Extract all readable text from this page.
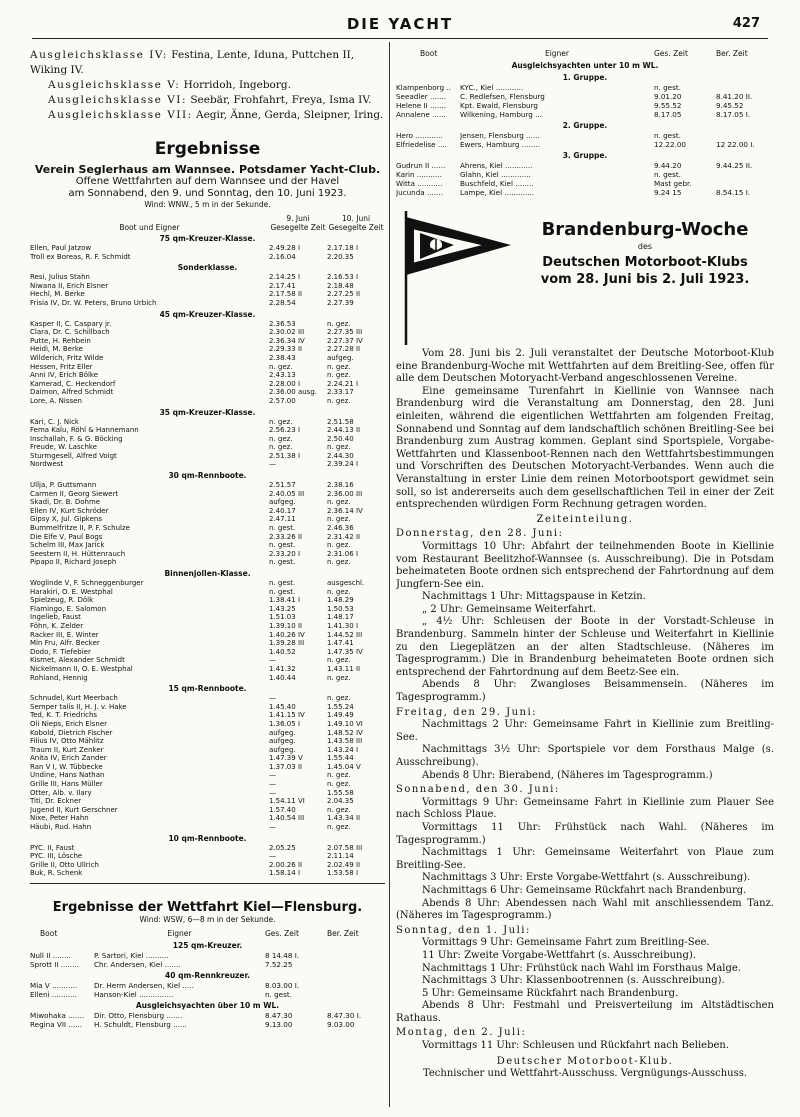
DIE YACHT	427
Ausgleichsklasse IV: Festina, Lente, Iduna, Puttchen II, Wiking IV.
Ausgleichsklasse V: Horridoh, Ingeborg.
Ausgleichsklasse VI: Seebär, Frohfahrt, Freya, Isma IV.
Ausgleichsklasse VII: Aegir, Änne, Gerda, Sleipner, Iring.
Ergebnisse
Verein Seglerhaus am Wannsee. Potsdamer Yacht-Club.
Offene Wettfahrten auf dem Wannsee und der Havel
am Sonnabend, den 9. und Sonntag, den 10. Juni 1923.
Wind: WNW., 5 m in der Sekunde.
Boot und Eigner
9. Juni
Gesegelte Zeit
10. Juni
Gesegelte Zeit
75 qm-Kreuzer-Klasse.
Ellen, Paul Jatzow	2.49.28 I	2.17.18 I
Troll ex Boreas, R. F. Schmidt	2.16.04	2.20.35
Sonderklasse.
Resi, Julius Stahn	2.14.25 I	2.16.53 I
Niwana II, Erich Elsner	2.17.41	2.18.48
Hechl, M. Berke	2.17.58 II	2.27.25 II
Frisia IV, Dr. W. Peters, Bruno Urbich	2.28.54	2.27.39
45 qm-Kreuzer-Klasse.
Kasper II, C. Caspary jr.	2.36.53	n. gez.
Clara, Dr. C. Schillbach	2.30.02 III	2.27.35 III
Putte, H. Rehbein	2.36.34 IV	2.27.37 IV
Heidi, M. Berke	2.29.33 II	2.27.28 II
Wilderich, Fritz Wilde	2.38.43	aufgeg.
Hessen, Fritz Eller	n. gez.	n. gez.
Anni IV, Erich Bölke	2.43.13	n. gez.
Kamerad, C. Heckendorf	2.28.00 I	2.24.21 I
Daimon, Alfred Schmidt	2.36.00 ausg.	2.33.17
Lore, A. Nissen	2.57.00	n. gez.
35 qm-Kreuzer-Klasse.
Kari, C. J. Nick	n. gez.	2.51.58
Fema Kalu, Röhl & Hannemann	2.56.23 I	2.44.13 II
Inschallah, F. & G. Böcking	n. gez.	2.50.40
Freude, W. Laschke	n. gez.	n. gez.
Sturmgesell, Alfred Voigt	2.51.38 I	2.44.30
Nordwest	—	2.39.24 I
30 qm-Rennboote.
Ullja, P. Guttsmann	2.51.57	2.38.16
Carmen II, Georg Siewert	2.40.05 III	2.36.00 III
Skadi, Dr. B. Dohme	aufgeg.	n. gez.
Ellen IV, Kurt Schröder	2.40.17	2.36.14 IV
Gipsy X, Jul. Gipkens	2.47.11	n. gez.
Bummelfritze II, P. F. Schulze	n. gest.	2.46.36
Die Elfe V, Paul Bogs	2.33.26 II	2.31.42 II
Schelm III, Max Jarick	n. gest.	n. gez.
Seestern II, H. Hüttenrauch	2.33.20 I	2.31.06 I
Pipapo II, Richard Joseph	n. gest.	n. gez.
Binnenjollen-Klasse.
Woglinde V, F. Schneggenburger	n. gest.	ausgeschl.
Harakiri, O. E. Westphal	n. gest.	n. gez.
Spielzeug, R. Dölk	1.38.41 I	1.48.29
Flamingo, E. Salomon	1.43.25	1.50.53
Ingelieb, Faust	1.51.03	1.48.17
Föhn, K. Zelder	1.39.10 II	1.41.30 I
Racker III, E. Winter	1.40.26 IV	1.44.52 III
Min Fru, Alfr. Becker	1.39.28 III	1.47.41
Dodo, F. Tiefebier	1.40.52	1.47.35 IV
Kismet, Alexander Schmidt	—	n. gez.
Nickelmann II, O. E. Westphal	1.41.32	1.43.11 II
Rohland, Hennig	1.40.44	n. gez.
15 qm-Rennboote.
Schnudel, Kurt Meerbach	—	n. gez.
Semper talis II, H. J. v. Hake	1.45.40	1.55.24
Ted, K. T. Friedrichs	1.41.15 IV	1.49.49
Oli Nieps, Erich Elsner	1.36.05 I	1.49.10 VI
Kobold, Dietrich Fischer	aufgeg.	1.48.52 IV
Filius IV, Otto Mählitz	aufgeg.	1.43.58 III
Traum II, Kurt Zenker	aufgeg.	1.43.24 I
Anita IV, Erich Zander	1.47.39 V	1.55.44
Ran V I, W. Tübbecke	1.37.03 II	1.45.04 V
Undine, Hans Nathan	—	n. gez.
Grille III, Hans Müller	—	n. gez.
Otter, Alb. v. Ilary	—	1.55.58
Titi, Dr. Eckner	1.54.11 VI	2.04.35
Jugend II, Kurt Gerschner	1.57.40	n. gez.
Nixe, Peter Hahn	1.40.54 III	1.43.34 II
Häubi, Rud. Hahn	—	n. gez.
10 qm-Rennboote.
PYC. II, Faust	2.05.25	2.07.58 III
PYC. III, Lösche	—	2.11.14
Grille II, Otto Ullrich	2.00.26 II	2.02.49 II
Buk, R. Schenk	1.58.14 I	1.53.58 I
Ergebnisse der Wettfahrt Kiel—Flensburg.
Wind: WSW, 6—8 m in der Sekunde.
Boot	Eigner	Ges. Zeit	Ber. Zeit
125 qm-Kreuzer.
Null II ........	P. Sartori, Kiel ..........	8 14.48 I.
Sprott II ........	Chr. Andersen, Kiel .......	7.52.25
40 qm-Rennkreuzer.
Mia V ...........	Dr. Herm Andersen, Kiel .....	8.03.00 I.
Elleni ...........	Hanson-Kiel ...............	n. gest.
Ausgleichsyachten über 10 m WL.
Miwohaka .......	Dir. Otto, Flensburg .......	8.47.30	8.47.30 I.
Regina VII ......	H. Schuldt, Flensburg ......	9.13.00	9.03.00
Boot	Eigner	Ges. Zeit	Ber. Zeit
Ausgleichsyachten unter 10 m WL.
1. Gruppe.
Klampenborg ..	KYC., Kiel ............	n. gest.
Seeadler .......	C. Redlefsen, Flensburg	9.01.20	8.41.20 II.
Helene II .......	Kpt. Ewald, Flensburg	9.55.52	9.45.52
Annalene ......	Wilkening, Hamburg ...	8.17.05	8.17.05 I.
2. Gruppe.
Hero ............	Jensen, Flensburg ......	n. gest.
Elfriedelise ....	Ewers, Hamburg ........	12.22.00	12 22.00 I.
3. Gruppe.
Gudrun II ......	Ahrens, Kiel ............	9.44.20	9.44.25 II.
Karin ...........	Glahn, Kiel .............	n. gest.
Witta ...........	Buschfeld, Kiel ........	Mast gebr.
Jucunda .......	Lampe, Kiel .............	9.24 15	8.54.15 I.
Brandenburg-Woche
des
Deutschen Motorboot-Klubs
vom 28. Juni bis 2. Juli 1923.

Vom 28. Juni bis 2. Juli veranstaltet der Deutsche Motorboot-Klub eine Brandenburg-Woche mit Wettfahrten auf dem Breitling-See, offen für alle dem Deutschen Motoryacht-Verband angeschlossenen Vereine.

Eine gemeinsame Turenfahrt in Kiellinie von Wannsee nach Brandenburg wird die Veranstaltung am Donnerstag, den 28. Juni einleiten, während die eigentlichen Wettfahrten am folgenden Freitag, Sonnabend und Sonntag auf dem landschaftlich schönen Breitling-See bei Brandenburg zum Austrag kommen. Geplant sind Sportspiele, Vorgabe-Wettfahrten und Klassenboot-Rennen nach den Wettfahrtsbestimmungen und Vorschriften des Deutschen Motoryacht-Verbandes. Wenn auch die Veranstaltung in erster Linie dem reinen Motorbootsport gewidmet sein soll, so ist andererseits auch dem gesellschaftlichen Teil in einer der Zeit entsprechenden würdigen Form Rechnung getragen worden.

Zeiteinteilung.

Donnerstag, den 28. Juni:

Vormittags 10 Uhr: Abfahrt der teilnehmenden Boote in Kiellinie vom Restaurant Beelitzhof-Wannsee (s. Ausschreibung). Die in Potsdam beheimateten Boote ordnen sich entsprechend der Fahrtordnung auf dem Jungfern-See ein.

Nachmittags 1 Uhr: Mittagspause in Ketzin.

„ 2 Uhr: Gemeinsame Weiterfahrt.

„ 4½ Uhr: Schleusen der Boote in der Vorstadt-Schleuse in Brandenburg. Sammeln hinter der Schleuse und Weiterfahrt in Kiellinie zu den Liegeplätzen an der alten Stadtschleuse. (Näheres im Tagesprogramm.) Die in Brandenburg beheimateten Boote ordnen sich entsprechend der Fahrtordnung auf dem Beetz-See ein.

Abends 8 Uhr: Zwangloses Beisammensein. (Näheres im Tagesprogramm.)

Freitag, den 29. Juni:

Nachmittags 2 Uhr: Gemeinsame Fahrt in Kiellinie zum Breitling-See.

Nachmittags 3½ Uhr: Sportspiele vor dem Forsthaus Malge (s. Ausschreibung).

Abends 8 Uhr: Bierabend, (Näheres im Tagesprogramm.)

Sonnabend, den 30. Juni:

Vormittags 9 Uhr: Gemeinsame Fahrt in Kiellinie zum Plauer See nach Schloss Plaue.

Vormittags 11 Uhr: Frühstück nach Wahl. (Näheres im Tagesprogramm.)

Nachmittags 1 Uhr: Gemeinsame Weiterfahrt von Plaue zum Breitling-See.

Nachmittags 3 Uhr: Erste Vorgabe-Wettfahrt (s. Ausschreibung).

Nachmittags 6 Uhr: Gemeinsame Rückfahrt nach Brandenburg.

Abends 8 Uhr: Abendessen nach Wahl mit anschliessendem Tanz. (Näheres im Tagesprogramm.)

Sonntag, den 1. Juli:

Vormittags 9 Uhr: Gemeinsame Fahrt zum Breitling-See.

11 Uhr: Zweite Vorgabe-Wettfahrt (s. Ausschreibung).

Nachmittags 1 Uhr: Frühstück nach Wahl im Forsthaus Malge.

Nachmittags 3 Uhr: Klassenbootrennen (s. Ausschreibung).

5 Uhr: Gemeinsame Rückfahrt nach Brandenburg.

Abends 8 Uhr: Festmahl und Preisverteilung im Altstädtischen Rathaus.

Montag, den 2. Juli:

Vormittags 11 Uhr: Schleusen und Rückfahrt nach Belieben.

Deutscher Motorboot-Klub.

Technischer und Wettfahrt-Ausschuss. Vergnügungs-Ausschuss.
